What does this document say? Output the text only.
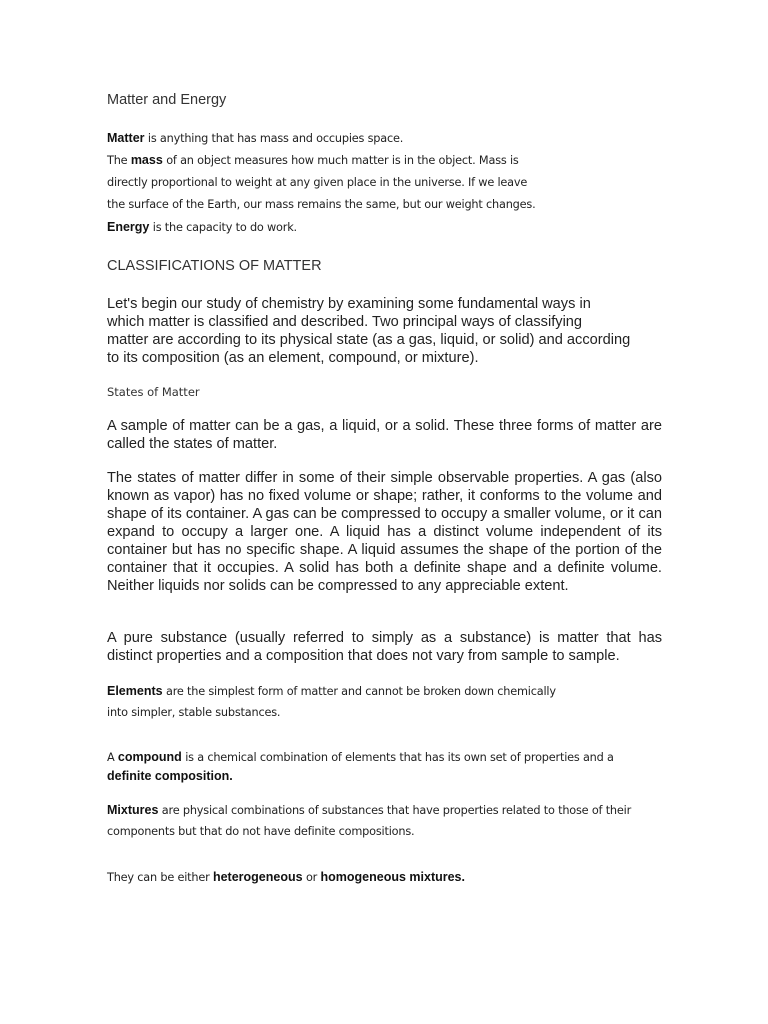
Matter and Energy
Matter is anything that has mass and occupies space.
The mass of an object measures how much matter is in the object. Mass is
directly proportional to weight at any given place in the universe. If we leave
the surface of the Earth, our mass remains the same, but our weight changes.
Energy is the capacity to do work.
CLASSIFICATIONS OF MATTER
Let's begin our study of chemistry by examining some fundamental ways in
which matter is classified and described. Two principal ways of classifying
matter are according to its physical state (as a gas, liquid, or solid) and according
to its composition (as an element, compound, or mixture).
States of Matter
A sample of matter can be a gas, a liquid, or a solid. These three forms of matter are called the states of matter.
The states of matter differ in some of their simple observable properties. A gas (also known as vapor) has no fixed volume or shape; rather, it conforms to the volume and shape of its container. A gas can be compressed to occupy a smaller volume, or it can expand to occupy a larger one. A liquid has a distinct volume independent of its container but has no specific shape. A liquid assumes the shape of the portion of the container that it occupies. A solid has both a definite shape and a definite volume. Neither liquids nor solids can be compressed to any appreciable extent.
A pure substance (usually referred to simply as a substance) is matter that has distinct properties and a composition that does not vary from sample to sample.
Elements are the simplest form of matter and cannot be broken down chemically
into simpler, stable substances.
A compound is a chemical combination of elements that has its own set of properties and a
definite composition.
Mixtures are physical combinations of substances that have properties related to those of their
components but that do not have definite compositions.
They can be either heterogeneous or homogeneous mixtures.
